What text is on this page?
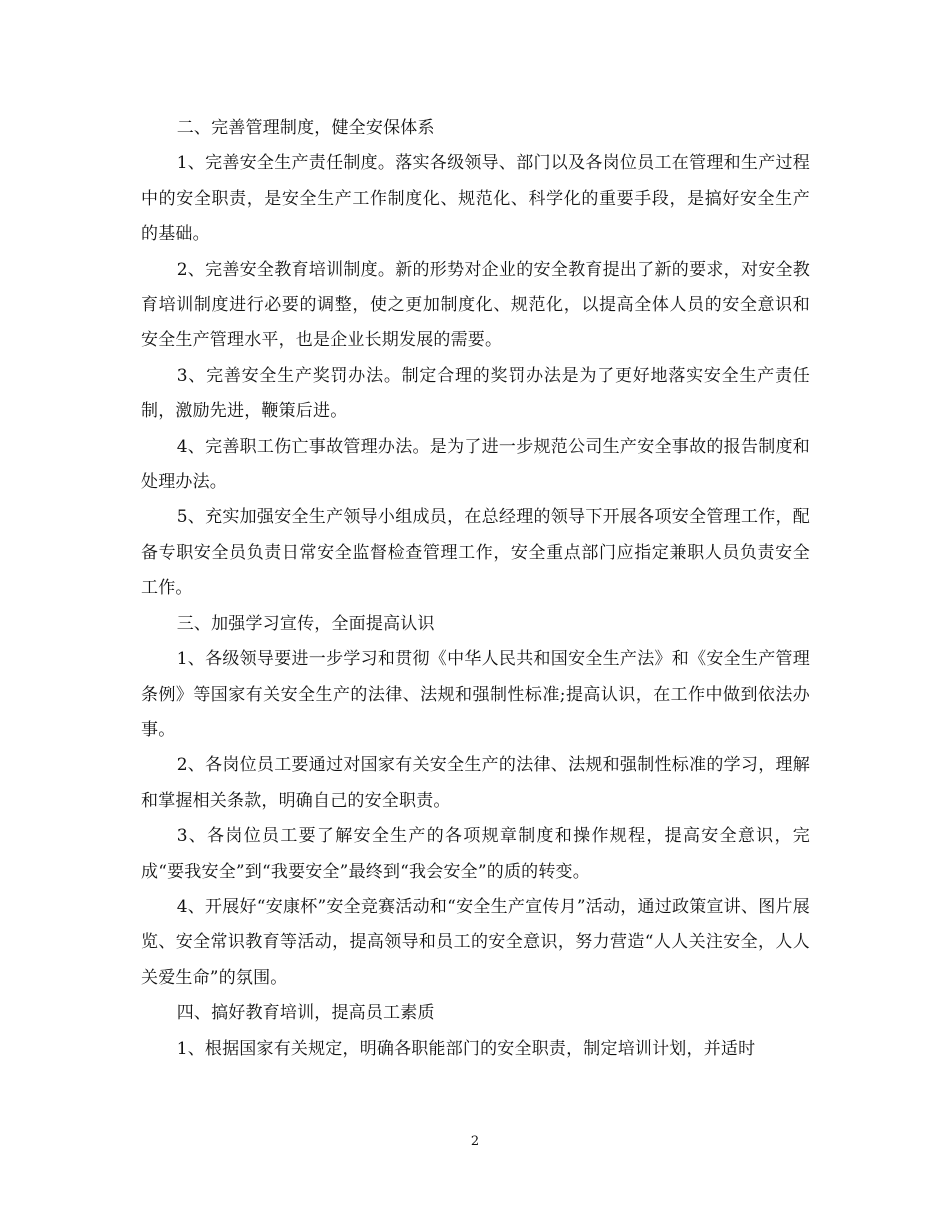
二、完善管理制度，健全安保体系

1、完善安全生产责任制度。落实各级领导、部门以及各岗位员工在管理和生产过程中的安全职责，是安全生产工作制度化、规范化、科学化的重要手段，是搞好安全生产的基础。

2、完善安全教育培训制度。新的形势对企业的安全教育提出了新的要求，对安全教育培训制度进行必要的调整，使之更加制度化、规范化，以提高全体人员的安全意识和安全生产管理水平，也是企业长期发展的需要。

3、完善安全生产奖罚办法。制定合理的奖罚办法是为了更好地落实安全生产责任制，激励先进，鞭策后进。

4、完善职工伤亡事故管理办法。是为了进一步规范公司生产安全事故的报告制度和处理办法。

5、充实加强安全生产领导小组成员，在总经理的领导下开展各项安全管理工作，配备专职安全员负责日常安全监督检查管理工作，安全重点部门应指定兼职人员负责安全工作。

三、加强学习宣传，全面提高认识

1、各级领导要进一步学习和贯彻《中华人民共和国安全生产法》和《安全生产管理条例》等国家有关安全生产的法律、法规和强制性标准;提高认识，在工作中做到依法办事。

2、各岗位员工要通过对国家有关安全生产的法律、法规和强制性标准的学习，理解和掌握相关条款，明确自己的安全职责。

3、各岗位员工要了解安全生产的各项规章制度和操作规程，提高安全意识，完成“要我安全”到“我要安全”最终到“我会安全”的质的转变。

4、开展好“安康杯”安全竞赛活动和“安全生产宣传月”活动，通过政策宣讲、图片展览、安全常识教育等活动，提高领导和员工的安全意识，努力营造“人人关注安全，人人关爱生命”的氛围。

四、搞好教育培训，提高员工素质

1、根据国家有关规定，明确各职能部门的安全职责，制定培训计划，并适时

2
